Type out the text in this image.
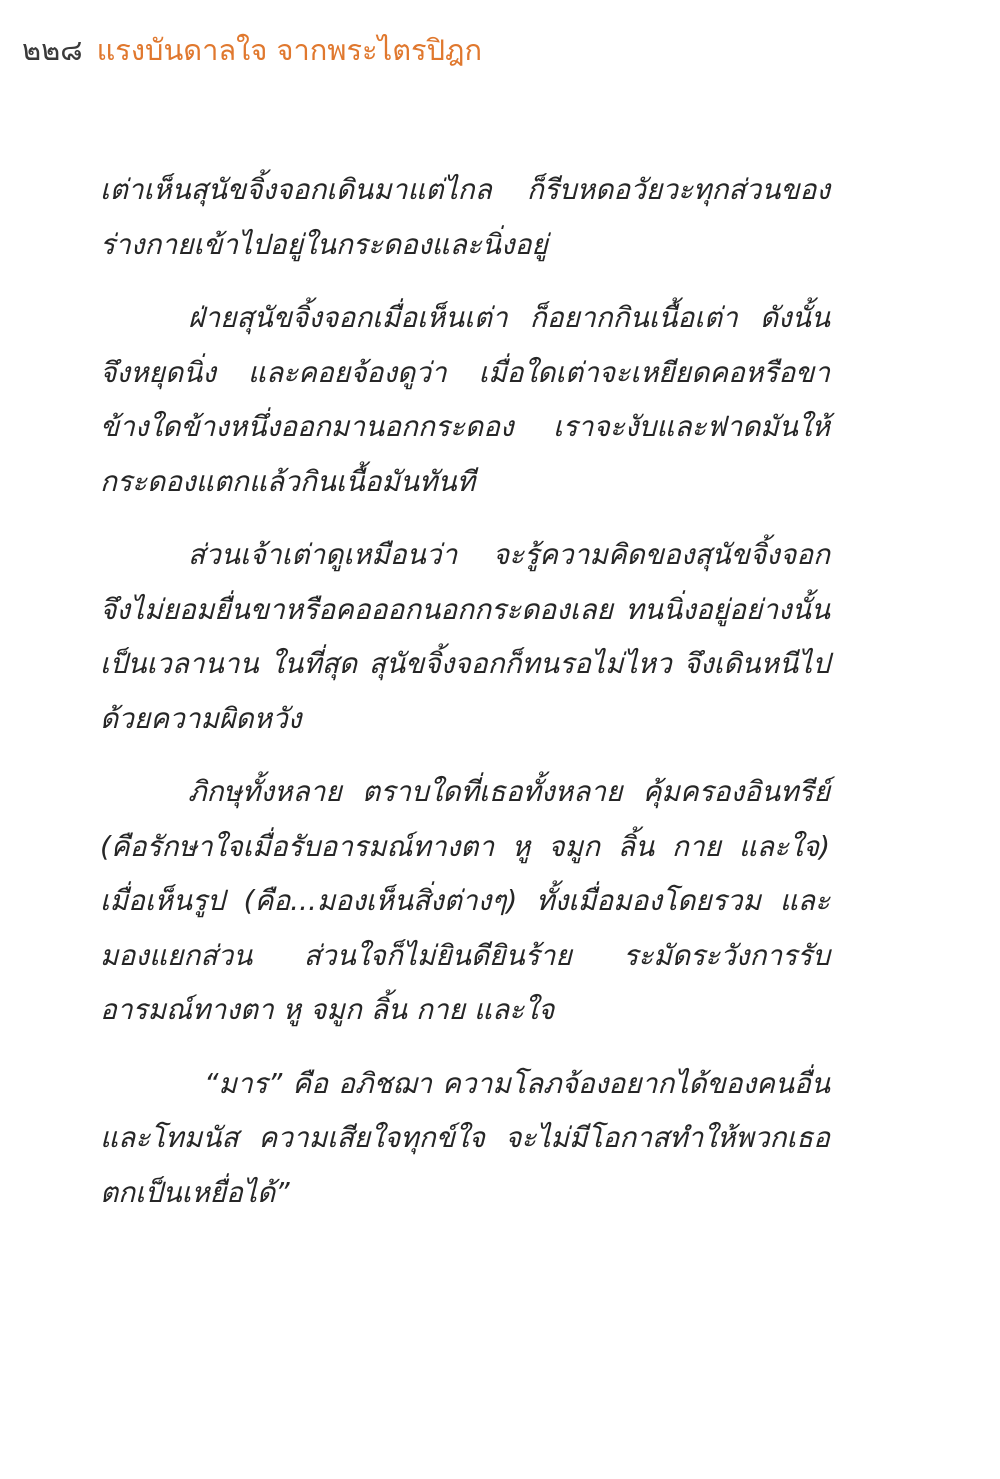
๒๒๘ แรงบันดาลใจ จากพระไตรปิฎก

เต่าเห็นสุนัขจิ้งจอกเดินมาแต่ไกล ก็รีบหดอวัยวะทุกส่วนของร่างกายเข้าไปอยู่ในกระดองและนิ่งอยู่

ฝ่ายสุนัขจิ้งจอกเมื่อเห็นเต่า ก็อยากกินเนื้อเต่า ดังนั้นจึงหยุดนิ่ง และคอยจ้องดูว่า เมื่อใดเต่าจะเหยียดคอหรือขาข้างใดข้างหนึ่งออกมานอกกระดอง เราจะงับและฟาดมันให้กระดองแตกแล้วกินเนื้อมันทันที

ส่วนเจ้าเต่าดูเหมือนว่า จะรู้ความคิดของสุนัขจิ้งจอกจึงไม่ยอมยื่นขาหรือคอออกนอกกระดองเลย ทนนิ่งอยู่อย่างนั้นเป็นเวลานาน ในที่สุด สุนัขจิ้งจอกก็ทนรอไม่ไหว จึงเดินหนีไปด้วยความผิดหวัง

ภิกษุทั้งหลาย ตราบใดที่เธอทั้งหลาย คุ้มครองอินทรีย์ (คือรักษาใจเมื่อรับอารมณ์ทางตา หู จมูก ลิ้น กาย และใจ) เมื่อเห็นรูป (คือ...มองเห็นสิ่งต่างๆ) ทั้งเมื่อมองโดยรวม และมองแยกส่วน ส่วนใจก็ไม่ยินดียินร้าย ระมัดระวังการรับอารมณ์ทางตา หู จมูก ลิ้น กาย และใจ

“มาร” คือ อภิชฌา ความโลภจ้องอยากได้ของคนอื่นและโทมนัส ความเสียใจทุกข์ใจ จะไม่มีโอกาสทำให้พวกเธอตกเป็นเหยื่อได้”
